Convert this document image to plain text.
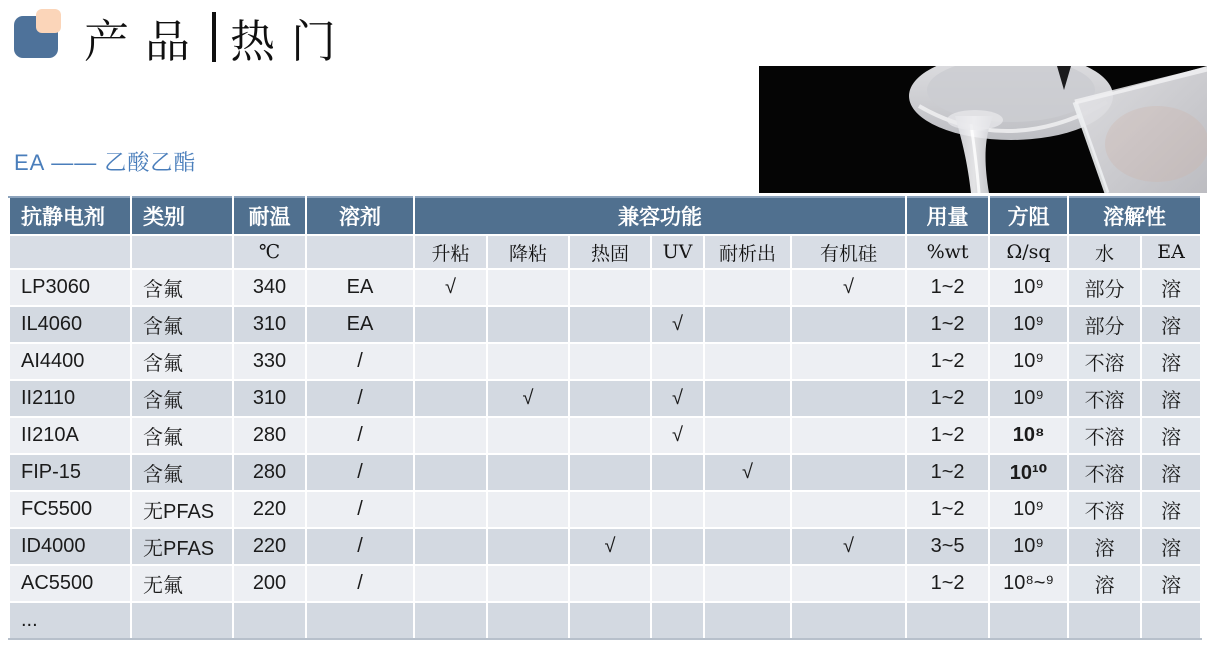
产品 热门
EA —— 乙酸乙酯
抗静电剂	类别	耐温	溶剂	兼容功能						用量	方阻	溶解性	
		℃		升粘	降粘	热固	UV	耐析出	有机硅	%wt	Ω/sq	水	EA
LP3060	含氟	340	EA	√					√	1~2	10⁹	部分	溶
IL4060	含氟	310	EA				√			1~2	10⁹	部分	溶
AI4400	含氟	330	/							1~2	10⁹	不溶	溶
II2110	含氟	310	/		√		√			1~2	10⁹	不溶	溶
II210A	含氟	280	/				√			1~2	10⁸	不溶	溶
FIP-15	含氟	280	/					√		1~2	10¹⁰	不溶	溶
FC5500	无PFAS	220	/							1~2	10⁹	不溶	溶
ID4000	无PFAS	220	/			√			√	3~5	10⁹	溶	溶
AC5500	无氟	200	/							1~2	10⁸~⁹	溶	溶
...													
